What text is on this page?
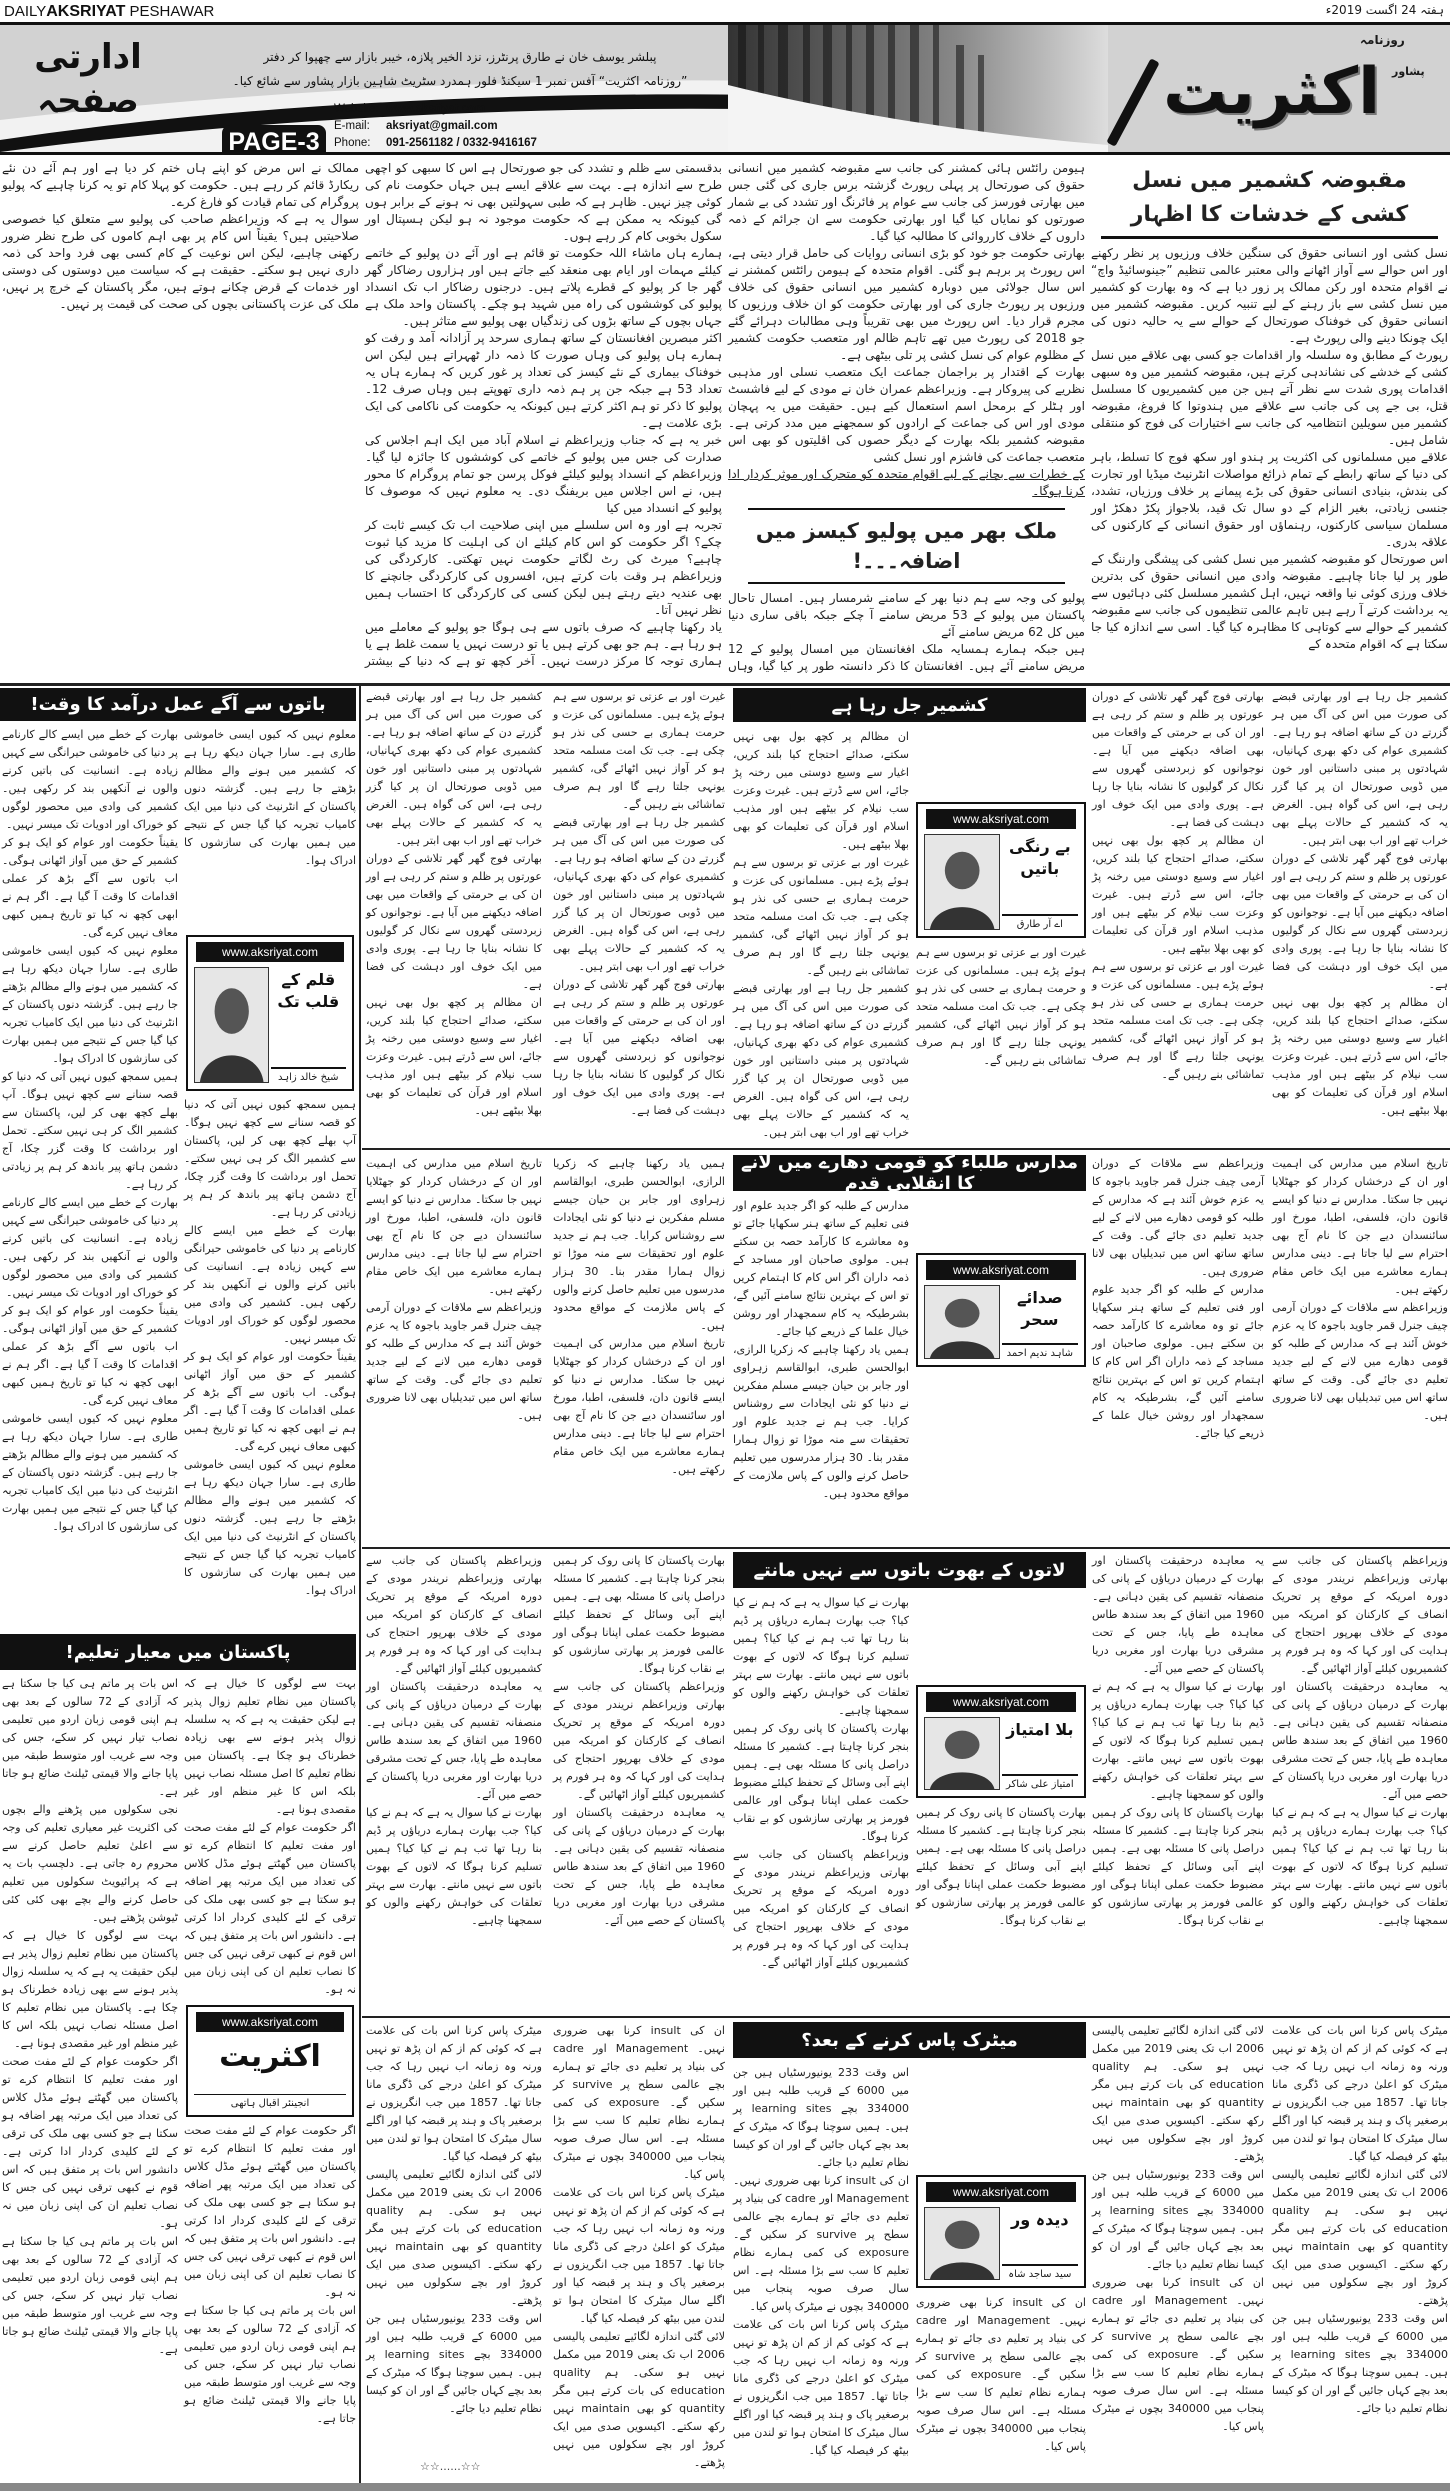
DAILYAKSRIYAT PESHAWAR	ہفتہ 24 اگست 2019ء
ادارتی صفحہ
پبلشر یوسف خان نے طارق پرنٹرز، نزد الخیر پلازہ، خیبر بازار سے چھپوا کر دفتر
”روزنامہ اکثریت“ آفس نمبر 1 سیکنڈ فلور ہمدرد سٹریٹ شاہین بازار پشاور سے شائع کیا۔
PAGE-3
Website: www.akstiyat.com
E-mail: aksriyat@gmail.com
Phone: 091-2561182 / 0332-9416167
روزنامہ
پشاور
اکثریت
مقبوضہ کشمیر میں نسل کشی کے خدشات کا اظہار

نسل کشی اور انسانی حقوق کی سنگین خلاف ورزیوں پر نظر رکھنے اور اس حوالے سے آواز اٹھانے والی معتبر عالمی تنظیم ”جینوسائیڈ واچ“ نے اقوام متحدہ اور رکن ممالک پر زور دیا ہے کہ وہ بھارت کو کشمیر میں نسل کشی سے باز رہنے کے لیے تنبیہ کریں۔ مقبوضہ کشمیر میں انسانی حقوق کی خوفناک صورتحال کے حوالے سے یہ حالیہ دنوں کی ایک چونکا دینے والی رپورٹ ہے۔

رپورٹ کے مطابق وہ سلسلہ وار اقدامات جو کسی بھی علاقے میں نسل کشی کے خدشے کی نشاندہی کرتے ہیں، مقبوضہ کشمیر میں وہ سبھی اقدامات پوری شدت سے نظر آتے ہیں جن میں کشمیریوں کا مسلسل قتل، بی جے پی کی جانب سے علاقے میں ہندوتوا کا فروغ، مقبوضہ کشمیر میں سویلین انتظامیہ کی جانب سے اختیارات کی فوج کو منتقلی شامل ہیں۔

علاقے میں مسلمانوں کی اکثریت پر ہندو اور سکھ فوج کا تسلط، باہر کی دنیا کے ساتھ رابطے کے تمام ذرائع مواصلات انٹرنیٹ میڈیا اور تجارت کی بندش، بنیادی انسانی حقوق کی بڑے پیمانے پر خلاف ورزیاں، تشدد، جنسی زیادتی، بغیر الزام کے دو سال تک قید، بلاجواز پکڑ دھکڑ اور مسلمان سیاسی کارکنوں، رہنماؤں اور حقوق انسانی کے کارکنوں کی علاقہ بدری۔

اس صورتحال کو مقبوضہ کشمیر میں نسل کشی کی پیشگی وارننگ کے طور پر لیا جانا چاہیے۔ مقبوضہ وادی میں انسانی حقوق کی بدترین خلاف ورزی کوئی نیا واقعہ نہیں، اہل کشمیر مسلسل کئی دہائیوں سے یہ برداشت کرتے آ رہے ہیں تاہم عالمی تنظیموں کی جانب سے مقبوضہ کشمیر کے حوالے سے کوتاہی کا مظاہرہ کیا گیا۔ اسی سے اندازہ کیا جا سکتا ہے کہ اقوام متحدہ کے

ہیومن رائٹس ہائی کمشنر کی جانب سے مقبوضہ کشمیر میں انسانی حقوق کی صورتحال پر پہلی رپورٹ گزشتہ برس جاری کی گئی جس میں بھارتی فورسز کی جانب سے عوام پر فائرنگ اور تشدد کی بے شمار صورتوں کو نمایاں کیا گیا اور بھارتی حکومت سے ان جرائم کے ذمہ داروں کے خلاف کارروائی کا مطالبہ کیا گیا۔

بھارتی حکومت جو خود کو بڑی انسانی روایات کی حامل قرار دیتی ہے، اس رپورٹ پر برہم ہو گئی۔ اقوام متحدہ کے ہیومن رائٹس کمشنر نے اس سال جولائی میں دوبارہ کشمیر میں انسانی حقوق کی خلاف ورزیوں پر رپورٹ جاری کی اور بھارتی حکومت کو ان خلاف ورزیوں کا مجرم قرار دیا۔ اس رپورٹ میں بھی تقریباً وہی مطالبات دہرائے گئے جو 2018 کی رپورٹ میں تھے تاہم ظالم اور متعصب حکومت کشمیر کے مظلوم عوام کی نسل کشی پر تلی بیٹھی ہے۔

بھارت کے اقتدار پر براجمان جماعت ایک متعصب نسلی اور مذہبی نظریے کی پیروکار ہے۔ وزیراعظم عمران خان نے مودی کے لیے فاشسٹ اور ہٹلر کے برمحل اسم استعمال کیے ہیں۔ حقیقت میں یہ پہچان مودی اور اس کی جماعت کے ارادوں کو سمجھنے میں مدد کرتی ہے۔ مقبوضہ کشمیر بلکہ بھارت کے دیگر حصوں کی اقلیتوں کو بھی اس متعصب جماعت کی فاشزم اور نسل کشی

کے خطرات سے بچانے کے لیے اقوام متحدہ کو متحرک اور موثر کردار ادا کرنا ہوگا۔

ملک بھر میں پولیو کیسز میں اضافہ۔۔۔!

پولیو کی وجہ سے ہم دنیا بھر کے سامنے شرمسار ہیں۔ امسال تاحال پاکستان میں پولیو کے 53 مریض سامنے آ چکے جبکہ باقی ساری دنیا میں کل 62 مریض سامنے آئے

ہیں جبکہ ہمارے ہمسایہ ملک افغانستان میں امسال پولیو کے 12 مریض سامنے آئے ہیں۔ افغانستان کا ذکر دانستہ طور پر کیا گیا، وہاں بدقسمتی سے ظلم و تشدد کی جو صورتحال ہے اس کا سبھی کو اچھی طرح سے اندازہ ہے۔ بہت سے علاقے ایسے ہیں جہاں حکومت نام کی کوئی چیز نہیں۔ ظاہر ہے کہ طبی سہولتیں بھی نہ ہونے کے برابر ہوں گی کیونکہ یہ ممکن ہے کہ حکومت موجود نہ ہو لیکن ہسپتال اور سکول بخوبی کام کر رہے ہوں۔

ہمارے ہاں ماشاء اللہ حکومت تو قائم ہے اور آئے دن پولیو کے خاتمے کیلئے مہمات اور ایام بھی منعقد کیے جاتے ہیں اور ہزاروں رضاکار گھر گھر جا کر پولیو کے قطرے پلاتے ہیں۔ درجنوں رضاکار اب تک انسداد پولیو کی کوششوں کی راہ میں شہید ہو چکے۔ پاکستان واحد ملک ہے جہاں بچوں کے ساتھ بڑوں کی زندگیاں بھی پولیو سے متاثر ہیں۔

اکثر مبصرین افغانستان کے ساتھ ہماری سرحد پر آزادانہ آمد و رفت کو ہمارے ہاں پولیو کی وہاں صورت کا ذمہ دار ٹھہراتے ہیں لیکن اس خوفناک بیماری کے نئے کیسز کی تعداد پر غور کریں کہ ہمارے ہاں یہ تعداد 53 ہے جبکہ جن پر ہم ذمہ داری تھوپتے ہیں وہاں صرف 12۔ پولیو کا ذکر تو ہم اکثر کرتے ہیں کیونکہ یہ حکومت کی ناکامی کی ایک بڑی علامت ہے۔

خبر یہ ہے کہ جناب وزیراعظم نے اسلام آباد میں ایک اہم اجلاس کی صدارت کی جس میں پولیو کے خاتمے کی کوششوں کا جائزہ لیا گیا۔ وزیراعظم کے انسداد پولیو کیلئے فوکل پرسن جو تمام پروگرام کا محور ہیں، نے اس اجلاس میں بریفنگ دی۔ یہ معلوم نہیں کہ موصوف کا پولیو کے انسداد میں کیا

تجربہ ہے اور وہ اس سلسلے میں اپنی صلاحیت اب تک کیسے ثابت کر چکے؟ اگر حکومت کو اس کام کیلئے ان کی اہلیت کا مزید کیا ثبوت چاہیے؟ میرٹ کی رٹ لگاتے حکومت نہیں تھکتی۔ کارکردگی کی وزیراعظم ہر وقت بات کرتے ہیں، افسروں کی کارکردگی جانچنے کا بھی عندیہ دیتے رہتے ہیں لیکن کسی کی کارکردگی کا احتساب ہمیں نظر نہیں آتا۔

یاد رکھنا چاہیے کہ صرف باتوں سے ہی ہوگا جو پولیو کے معاملے میں ہو رہا ہے۔ ہم جو بھی کرتے ہیں یا تو درست نہیں یا سمت غلط ہے یا ہماری توجہ کا مرکز درست نہیں۔ آخر کچھ تو ہے کہ دنیا کے بیشتر ممالک نے اس مرض کو اپنے ہاں ختم کر دیا ہے اور ہم آئے دن نئے ریکارڈ قائم کر رہے ہیں۔ حکومت کو پہلا کام تو یہ کرنا چاہیے کہ پولیو پروگرام کی تمام قیادت کو فارغ کرے۔

سوال یہ ہے کہ وزیراعظم صاحب کی پولیو سے متعلق کیا خصوصی صلاحیتیں ہیں؟ یقیناً اس کام پر بھی اہم کاموں کی طرح نظر ضرور رکھنی چاہیے، لیکن اس نوعیت کے کام کسی بھی فرد واحد کی ذمہ داری نہیں ہو سکتے۔ حقیقت ہے کہ سیاست میں دوستوں کی دوستی اور خدمات کے قرض چکانے ہوتے ہیں، مگر پاکستان کے خرچ پر نہیں، ملک کی عزت پاکستانی بچوں کی صحت کی قیمت پر نہیں۔

کشمیر جل رہا ہے	کشمیر جل رہا ہے اور بھارتی قبضے کی صورت میں اس کی آگ میں ہر گزرتے دن کے ساتھ اضافہ ہو رہا ہے۔ کشمیری عوام کی دکھ بھری کہانیاں، شہادتوں پر مبنی داستانیں اور خون میں ڈوبی صورتحال ان پر کیا گزر رہی ہے، اس کی گواہ ہیں۔ الغرض یہ کہ کشمیر کے حالات پہلے بھی خراب تھے اور اب بھی ابتر ہیں۔

بھارتی فوج گھر گھر تلاشی کے دوران عورتوں پر ظلم و ستم کر رہی ہے اور ان کی بے حرمتی کے واقعات میں بھی اضافہ دیکھنے میں آیا ہے۔ نوجوانوں کو زبردستی گھروں سے نکال کر گولیوں کا نشانہ بنایا جا رہا ہے۔ پوری وادی میں ایک خوف اور دہشت کی فضا ہے۔

ان مظالم پر کچھ بول بھی نہیں سکتے، صدائے احتجاج کیا بلند کریں، اغیار سے وسیع دوستی میں رخنہ پڑ جائے، اس سے ڈرتے ہیں۔ غیرت وعزت سب نیلام کر بیٹھے ہیں اور مذہب اسلام اور قرآن کی تعلیمات کو بھی بھلا بیٹھے ہیں۔

بھارتی فوج گھر گھر تلاشی کے دوران عورتوں پر ظلم و ستم کر رہی ہے اور ان کی بے حرمتی کے واقعات میں بھی اضافہ دیکھنے میں آیا ہے۔ نوجوانوں کو زبردستی گھروں سے نکال کر گولیوں کا نشانہ بنایا جا رہا ہے۔ پوری وادی میں ایک خوف اور دہشت کی فضا ہے۔

ان مظالم پر کچھ بول بھی نہیں سکتے، صدائے احتجاج کیا بلند کریں، اغیار سے وسیع دوستی میں رخنہ پڑ جائے، اس سے ڈرتے ہیں۔ غیرت وعزت سب نیلام کر بیٹھے ہیں اور مذہب اسلام اور قرآن کی تعلیمات کو بھی بھلا بیٹھے ہیں۔

غیرت اور بے عزتی تو برسوں سے ہم ہوئے پڑے ہیں۔ مسلمانوں کی عزت و حرمت ہماری بے حسی کی نذر ہو چکی ہے۔ جب تک امت مسلمہ متحد ہو کر آواز نہیں اٹھائے گی، کشمیر یونہی جلتا رہے گا اور ہم صرف تماشائی بنے رہیں گے۔

www.aksriyat.com
بے رنگی باتیں
اے آر طارق

غیرت اور بے عزتی تو برسوں سے ہم ہوئے پڑے ہیں۔ مسلمانوں کی عزت و حرمت ہماری بے حسی کی نذر ہو چکی ہے۔ جب تک امت مسلمہ متحد ہو کر آواز نہیں اٹھائے گی، کشمیر یونہی جلتا رہے گا اور ہم صرف تماشائی بنے رہیں گے۔

ان مظالم پر کچھ بول بھی نہیں سکتے، صدائے احتجاج کیا بلند کریں، اغیار سے وسیع دوستی میں رخنہ پڑ جائے، اس سے ڈرتے ہیں۔ غیرت وعزت سب نیلام کر بیٹھے ہیں اور مذہب اسلام اور قرآن کی تعلیمات کو بھی بھلا بیٹھے ہیں۔

غیرت اور بے عزتی تو برسوں سے ہم ہوئے پڑے ہیں۔ مسلمانوں کی عزت و حرمت ہماری بے حسی کی نذر ہو چکی ہے۔ جب تک امت مسلمہ متحد ہو کر آواز نہیں اٹھائے گی، کشمیر یونہی جلتا رہے گا اور ہم صرف تماشائی بنے رہیں گے۔

کشمیر جل رہا ہے اور بھارتی قبضے کی صورت میں اس کی آگ میں ہر گزرتے دن کے ساتھ اضافہ ہو رہا ہے۔ کشمیری عوام کی دکھ بھری کہانیاں، شہادتوں پر مبنی داستانیں اور خون میں ڈوبی صورتحال ان پر کیا گزر رہی ہے، اس کی گواہ ہیں۔ الغرض یہ کہ کشمیر کے حالات پہلے بھی خراب تھے اور اب بھی ابتر ہیں۔

غیرت اور بے عزتی تو برسوں سے ہم ہوئے پڑے ہیں۔ مسلمانوں کی عزت و حرمت ہماری بے حسی کی نذر ہو چکی ہے۔ جب تک امت مسلمہ متحد ہو کر آواز نہیں اٹھائے گی، کشمیر یونہی جلتا رہے گا اور ہم صرف تماشائی بنے رہیں گے۔

کشمیر جل رہا ہے اور بھارتی قبضے کی صورت میں اس کی آگ میں ہر گزرتے دن کے ساتھ اضافہ ہو رہا ہے۔ کشمیری عوام کی دکھ بھری کہانیاں، شہادتوں پر مبنی داستانیں اور خون میں ڈوبی صورتحال ان پر کیا گزر رہی ہے، اس کی گواہ ہیں۔ الغرض یہ کہ کشمیر کے حالات پہلے بھی خراب تھے اور اب بھی ابتر ہیں۔

بھارتی فوج گھر گھر تلاشی کے دوران عورتوں پر ظلم و ستم کر رہی ہے اور ان کی بے حرمتی کے واقعات میں بھی اضافہ دیکھنے میں آیا ہے۔ نوجوانوں کو زبردستی گھروں سے نکال کر گولیوں کا نشانہ بنایا جا رہا ہے۔ پوری وادی میں ایک خوف اور دہشت کی فضا ہے۔

کشمیر جل رہا ہے اور بھارتی قبضے کی صورت میں اس کی آگ میں ہر گزرتے دن کے ساتھ اضافہ ہو رہا ہے۔ کشمیری عوام کی دکھ بھری کہانیاں، شہادتوں پر مبنی داستانیں اور خون میں ڈوبی صورتحال ان پر کیا گزر رہی ہے، اس کی گواہ ہیں۔ الغرض یہ کہ کشمیر کے حالات پہلے بھی خراب تھے اور اب بھی ابتر ہیں۔

بھارتی فوج گھر گھر تلاشی کے دوران عورتوں پر ظلم و ستم کر رہی ہے اور ان کی بے حرمتی کے واقعات میں بھی اضافہ دیکھنے میں آیا ہے۔ نوجوانوں کو زبردستی گھروں سے نکال کر گولیوں کا نشانہ بنایا جا رہا ہے۔ پوری وادی میں ایک خوف اور دہشت کی فضا ہے۔

ان مظالم پر کچھ بول بھی نہیں سکتے، صدائے احتجاج کیا بلند کریں، اغیار سے وسیع دوستی میں رخنہ پڑ جائے، اس سے ڈرتے ہیں۔ غیرت وعزت سب نیلام کر بیٹھے ہیں اور مذہب اسلام اور قرآن کی تعلیمات کو بھی بھلا بیٹھے ہیں۔

مدارس طلباء کو قومی دھارے میں لانے کا انقلابی قدم

تاریخ اسلام میں مدارس کی اہمیت اور ان کے درخشاں کردار کو جھٹلایا نہیں جا سکتا۔ مدارس نے دنیا کو ایسے قانون دان، فلسفی، اطبا، مورخ اور سائنسدان دیے جن کا نام آج بھی احترام سے لیا جاتا ہے۔ دینی مدارس ہمارے معاشرے میں ایک خاص مقام رکھتے ہیں۔

وزیراعظم سے ملاقات کے دوران آرمی چیف جنرل قمر جاوید باجوہ کا یہ عزم خوش آئند ہے کہ مدارس کے طلبہ کو قومی دھارے میں لانے کے لیے جدید تعلیم دی جائے گی۔ وقت کے ساتھ ساتھ اس میں تبدیلیاں بھی لانا ضروری ہیں۔

وزیراعظم سے ملاقات کے دوران آرمی چیف جنرل قمر جاوید باجوہ کا یہ عزم خوش آئند ہے کہ مدارس کے طلبہ کو قومی دھارے میں لانے کے لیے جدید تعلیم دی جائے گی۔ وقت کے ساتھ ساتھ اس میں تبدیلیاں بھی لانا ضروری ہیں۔

مدارس کے طلبہ کو اگر جدید علوم اور فنی تعلیم کے ساتھ ہنر سکھایا جائے تو وہ معاشرے کا کارآمد حصہ بن سکتے ہیں۔ مولوی صاحبان اور مساجد کے ذمہ داران اگر اس کام کا اہتمام کریں تو اس کے بہترین نتائج سامنے آئیں گے، بشرطیکہ یہ کام سمجھدار اور روشن خیال علما کے ذریعے کیا جائے۔

www.aksriyat.com
صدائے سحر
شاہد ندیم احمد

مدارس کے طلبہ کو اگر جدید علوم اور فنی تعلیم کے ساتھ ہنر سکھایا جائے تو وہ معاشرے کا کارآمد حصہ بن سکتے ہیں۔ مولوی صاحبان اور مساجد کے ذمہ داران اگر اس کام کا اہتمام کریں تو اس کے بہترین نتائج سامنے آئیں گے، بشرطیکہ یہ کام سمجھدار اور روشن خیال علما کے ذریعے کیا جائے۔

ہمیں یاد رکھنا چاہیے کہ زکریا الرازی، ابوالحسن طبری، ابوالقاسم زہراوی اور جابر بن حیان جیسے مسلم مفکرین نے دنیا کو نئی ایجادات سے روشناس کرایا۔ جب ہم نے جدید علوم اور تحقیقات سے منہ موڑا تو زوال ہمارا مقدر بنا۔ 30 ہزار مدرسوں میں تعلیم حاصل کرنے والوں کے پاس ملازمت کے مواقع محدود ہیں۔

ہمیں یاد رکھنا چاہیے کہ زکریا الرازی، ابوالحسن طبری، ابوالقاسم زہراوی اور جابر بن حیان جیسے مسلم مفکرین نے دنیا کو نئی ایجادات سے روشناس کرایا۔ جب ہم نے جدید علوم اور تحقیقات سے منہ موڑا تو زوال ہمارا مقدر بنا۔ 30 ہزار مدرسوں میں تعلیم حاصل کرنے والوں کے پاس ملازمت کے مواقع محدود ہیں۔

تاریخ اسلام میں مدارس کی اہمیت اور ان کے درخشاں کردار کو جھٹلایا نہیں جا سکتا۔ مدارس نے دنیا کو ایسے قانون دان، فلسفی، اطبا، مورخ اور سائنسدان دیے جن کا نام آج بھی احترام سے لیا جاتا ہے۔ دینی مدارس ہمارے معاشرے میں ایک خاص مقام رکھتے ہیں۔

تاریخ اسلام میں مدارس کی اہمیت اور ان کے درخشاں کردار کو جھٹلایا نہیں جا سکتا۔ مدارس نے دنیا کو ایسے قانون دان، فلسفی، اطبا، مورخ اور سائنسدان دیے جن کا نام آج بھی احترام سے لیا جاتا ہے۔ دینی مدارس ہمارے معاشرے میں ایک خاص مقام رکھتے ہیں۔

وزیراعظم سے ملاقات کے دوران آرمی چیف جنرل قمر جاوید باجوہ کا یہ عزم خوش آئند ہے کہ مدارس کے طلبہ کو قومی دھارے میں لانے کے لیے جدید تعلیم دی جائے گی۔ وقت کے ساتھ ساتھ اس میں تبدیلیاں بھی لانا ضروری ہیں۔

لاتوں کے بھوت باتوں سے نہیں مانتے	وزیراعظم پاکستان کی جانب سے بھارتی وزیراعظم نریندر مودی کے دورہ امریکہ کے موقع پر تحریک انصاف کے کارکنان کو امریکہ میں مودی کے خلاف بھرپور احتجاج کی ہدایت کی اور کہا کہ وہ ہر فورم پر کشمیریوں کیلئے آواز اٹھائیں گے۔

یہ معاہدہ درحقیقت پاکستان اور بھارت کے درمیان دریاؤں کے پانی کی منصفانہ تقسیم کی یقین دہانی ہے۔ 1960 میں اتفاق کے بعد سندھ طاس معاہدہ طے پایا، جس کے تحت مشرقی دریا بھارت اور مغربی دریا پاکستان کے حصے میں آئے۔

بھارت نے کیا سوال یہ ہے کہ ہم نے کیا کیا؟ جب بھارت ہمارے دریاؤں پر ڈیم بنا رہا تھا تب ہم نے کیا کیا؟ ہمیں تسلیم کرنا ہوگا کہ لاتوں کے بھوت باتوں سے نہیں مانتے۔ بھارت سے بہتر تعلقات کی خواہش رکھنے والوں کو سمجھنا چاہیے۔

یہ معاہدہ درحقیقت پاکستان اور بھارت کے درمیان دریاؤں کے پانی کی منصفانہ تقسیم کی یقین دہانی ہے۔ 1960 میں اتفاق کے بعد سندھ طاس معاہدہ طے پایا، جس کے تحت مشرقی دریا بھارت اور مغربی دریا پاکستان کے حصے میں آئے۔

بھارت نے کیا سوال یہ ہے کہ ہم نے کیا کیا؟ جب بھارت ہمارے دریاؤں پر ڈیم بنا رہا تھا تب ہم نے کیا کیا؟ ہمیں تسلیم کرنا ہوگا کہ لاتوں کے بھوت باتوں سے نہیں مانتے۔ بھارت سے بہتر تعلقات کی خواہش رکھنے والوں کو سمجھنا چاہیے۔

بھارت پاکستان کا پانی روک کر ہمیں بنجر کرنا چاہتا ہے۔ کشمیر کا مسئلہ دراصل پانی کا مسئلہ بھی ہے۔ ہمیں اپنے آبی وسائل کے تحفظ کیلئے مضبوط حکمت عملی اپنانا ہوگی اور عالمی فورمز پر بھارتی سازشوں کو بے نقاب کرنا ہوگا۔

www.aksriyat.com
بلا امتیاز
امتیاز علی شاکر

بھارت پاکستان کا پانی روک کر ہمیں بنجر کرنا چاہتا ہے۔ کشمیر کا مسئلہ دراصل پانی کا مسئلہ بھی ہے۔ ہمیں اپنے آبی وسائل کے تحفظ کیلئے مضبوط حکمت عملی اپنانا ہوگی اور عالمی فورمز پر بھارتی سازشوں کو بے نقاب کرنا ہوگا۔

بھارت نے کیا سوال یہ ہے کہ ہم نے کیا کیا؟ جب بھارت ہمارے دریاؤں پر ڈیم بنا رہا تھا تب ہم نے کیا کیا؟ ہمیں تسلیم کرنا ہوگا کہ لاتوں کے بھوت باتوں سے نہیں مانتے۔ بھارت سے بہتر تعلقات کی خواہش رکھنے والوں کو سمجھنا چاہیے۔

بھارت پاکستان کا پانی روک کر ہمیں بنجر کرنا چاہتا ہے۔ کشمیر کا مسئلہ دراصل پانی کا مسئلہ بھی ہے۔ ہمیں اپنے آبی وسائل کے تحفظ کیلئے مضبوط حکمت عملی اپنانا ہوگی اور عالمی فورمز پر بھارتی سازشوں کو بے نقاب کرنا ہوگا۔

وزیراعظم پاکستان کی جانب سے بھارتی وزیراعظم نریندر مودی کے دورہ امریکہ کے موقع پر تحریک انصاف کے کارکنان کو امریکہ میں مودی کے خلاف بھرپور احتجاج کی ہدایت کی اور کہا کہ وہ ہر فورم پر کشمیریوں کیلئے آواز اٹھائیں گے۔

بھارت پاکستان کا پانی روک کر ہمیں بنجر کرنا چاہتا ہے۔ کشمیر کا مسئلہ دراصل پانی کا مسئلہ بھی ہے۔ ہمیں اپنے آبی وسائل کے تحفظ کیلئے مضبوط حکمت عملی اپنانا ہوگی اور عالمی فورمز پر بھارتی سازشوں کو بے نقاب کرنا ہوگا۔

وزیراعظم پاکستان کی جانب سے بھارتی وزیراعظم نریندر مودی کے دورہ امریکہ کے موقع پر تحریک انصاف کے کارکنان کو امریکہ میں مودی کے خلاف بھرپور احتجاج کی ہدایت کی اور کہا کہ وہ ہر فورم پر کشمیریوں کیلئے آواز اٹھائیں گے۔

یہ معاہدہ درحقیقت پاکستان اور بھارت کے درمیان دریاؤں کے پانی کی منصفانہ تقسیم کی یقین دہانی ہے۔ 1960 میں اتفاق کے بعد سندھ طاس معاہدہ طے پایا، جس کے تحت مشرقی دریا بھارت اور مغربی دریا پاکستان کے حصے میں آئے۔

وزیراعظم پاکستان کی جانب سے بھارتی وزیراعظم نریندر مودی کے دورہ امریکہ کے موقع پر تحریک انصاف کے کارکنان کو امریکہ میں مودی کے خلاف بھرپور احتجاج کی ہدایت کی اور کہا کہ وہ ہر فورم پر کشمیریوں کیلئے آواز اٹھائیں گے۔

یہ معاہدہ درحقیقت پاکستان اور بھارت کے درمیان دریاؤں کے پانی کی منصفانہ تقسیم کی یقین دہانی ہے۔ 1960 میں اتفاق کے بعد سندھ طاس معاہدہ طے پایا، جس کے تحت مشرقی دریا بھارت اور مغربی دریا پاکستان کے حصے میں آئے۔

بھارت نے کیا سوال یہ ہے کہ ہم نے کیا کیا؟ جب بھارت ہمارے دریاؤں پر ڈیم بنا رہا تھا تب ہم نے کیا کیا؟ ہمیں تسلیم کرنا ہوگا کہ لاتوں کے بھوت باتوں سے نہیں مانتے۔ بھارت سے بہتر تعلقات کی خواہش رکھنے والوں کو سمجھنا چاہیے۔

میٹرک پاس کرنے کے بعد؟	میٹرک پاس کرنا اس بات کی علامت ہے کہ کوئی کم از کم ان پڑھ تو نہیں ورنہ وہ زمانہ اب نہیں رہا کہ جب میٹرک کو اعلیٰ درجے کی ڈگری مانا جاتا تھا۔ 1857 میں جب انگریزوں نے برصغیر پاک و ہند پر قبضہ کیا اور اگلے سال میٹرک کا امتحان ہوا تو لندن میں بیٹھ کر فیصلہ کیا گیا۔

لائی گئی اندازہ لگائیے تعلیمی پالیسی 2006 اب تک یعنی 2019 میں مکمل نہیں ہو سکی۔ ہم quality education کی بات کرتے ہیں مگر quantity کو بھی maintain نہیں رکھ سکتے۔ اکیسویں صدی میں ایک کروڑ اور بچے سکولوں میں نہیں پڑھتے۔

اس وقت 233 یونیورسٹیاں ہیں جن میں 6000 کے قریب طلبہ ہیں اور 334000 بچے learning sites پر ہیں۔ ہمیں سوچنا ہوگا کہ میٹرک کے بعد بچے کہاں جائیں گے اور ان کو کیسا نظام تعلیم دیا جائے۔

لائی گئی اندازہ لگائیے تعلیمی پالیسی 2006 اب تک یعنی 2019 میں مکمل نہیں ہو سکی۔ ہم quality education کی بات کرتے ہیں مگر quantity کو بھی maintain نہیں رکھ سکتے۔ اکیسویں صدی میں ایک کروڑ اور بچے سکولوں میں نہیں پڑھتے۔

اس وقت 233 یونیورسٹیاں ہیں جن میں 6000 کے قریب طلبہ ہیں اور 334000 بچے learning sites پر ہیں۔ ہمیں سوچنا ہوگا کہ میٹرک کے بعد بچے کہاں جائیں گے اور ان کو کیسا نظام تعلیم دیا جائے۔

ان کی insult کرنا بھی ضروری نہیں۔ Management اور cadre کی بنیاد پر تعلیم دی جائے تو ہمارے بچے عالمی سطح پر survive کر سکیں گے۔ exposure کی کمی ہمارے نظام تعلیم کا سب سے بڑا مسئلہ ہے۔ اس سال صرف صوبہ پنجاب میں 340000 بچوں نے میٹرک پاس کیا۔

www.aksriyat.com
دیدہ ور
سید ساجد شاہ

ان کی insult کرنا بھی ضروری نہیں۔ Management اور cadre کی بنیاد پر تعلیم دی جائے تو ہمارے بچے عالمی سطح پر survive کر سکیں گے۔ exposure کی کمی ہمارے نظام تعلیم کا سب سے بڑا مسئلہ ہے۔ اس سال صرف صوبہ پنجاب میں 340000 بچوں نے میٹرک پاس کیا۔

اس وقت 233 یونیورسٹیاں ہیں جن میں 6000 کے قریب طلبہ ہیں اور 334000 بچے learning sites پر ہیں۔ ہمیں سوچنا ہوگا کہ میٹرک کے بعد بچے کہاں جائیں گے اور ان کو کیسا نظام تعلیم دیا جائے۔

ان کی insult کرنا بھی ضروری نہیں۔ Management اور cadre کی بنیاد پر تعلیم دی جائے تو ہمارے بچے عالمی سطح پر survive کر سکیں گے۔ exposure کی کمی ہمارے نظام تعلیم کا سب سے بڑا مسئلہ ہے۔ اس سال صرف صوبہ پنجاب میں 340000 بچوں نے میٹرک پاس کیا۔

میٹرک پاس کرنا اس بات کی علامت ہے کہ کوئی کم از کم ان پڑھ تو نہیں ورنہ وہ زمانہ اب نہیں رہا کہ جب میٹرک کو اعلیٰ درجے کی ڈگری مانا جاتا تھا۔ 1857 میں جب انگریزوں نے برصغیر پاک و ہند پر قبضہ کیا اور اگلے سال میٹرک کا امتحان ہوا تو لندن میں بیٹھ کر فیصلہ کیا گیا۔

ان کی insult کرنا بھی ضروری نہیں۔ Management اور cadre کی بنیاد پر تعلیم دی جائے تو ہمارے بچے عالمی سطح پر survive کر سکیں گے۔ exposure کی کمی ہمارے نظام تعلیم کا سب سے بڑا مسئلہ ہے۔ اس سال صرف صوبہ پنجاب میں 340000 بچوں نے میٹرک پاس کیا۔

میٹرک پاس کرنا اس بات کی علامت ہے کہ کوئی کم از کم ان پڑھ تو نہیں ورنہ وہ زمانہ اب نہیں رہا کہ جب میٹرک کو اعلیٰ درجے کی ڈگری مانا جاتا تھا۔ 1857 میں جب انگریزوں نے برصغیر پاک و ہند پر قبضہ کیا اور اگلے سال میٹرک کا امتحان ہوا تو لندن میں بیٹھ کر فیصلہ کیا گیا۔

لائی گئی اندازہ لگائیے تعلیمی پالیسی 2006 اب تک یعنی 2019 میں مکمل نہیں ہو سکی۔ ہم quality education کی بات کرتے ہیں مگر quantity کو بھی maintain نہیں رکھ سکتے۔ اکیسویں صدی میں ایک کروڑ اور بچے سکولوں میں نہیں پڑھتے۔

میٹرک پاس کرنا اس بات کی علامت ہے کہ کوئی کم از کم ان پڑھ تو نہیں ورنہ وہ زمانہ اب نہیں رہا کہ جب میٹرک کو اعلیٰ درجے کی ڈگری مانا جاتا تھا۔ 1857 میں جب انگریزوں نے برصغیر پاک و ہند پر قبضہ کیا اور اگلے سال میٹرک کا امتحان ہوا تو لندن میں بیٹھ کر فیصلہ کیا گیا۔

لائی گئی اندازہ لگائیے تعلیمی پالیسی 2006 اب تک یعنی 2019 میں مکمل نہیں ہو سکی۔ ہم quality education کی بات کرتے ہیں مگر quantity کو بھی maintain نہیں رکھ سکتے۔ اکیسویں صدی میں ایک کروڑ اور بچے سکولوں میں نہیں پڑھتے۔

اس وقت 233 یونیورسٹیاں ہیں جن میں 6000 کے قریب طلبہ ہیں اور 334000 بچے learning sites پر ہیں۔ ہمیں سوچنا ہوگا کہ میٹرک کے بعد بچے کہاں جائیں گے اور ان کو کیسا نظام تعلیم دیا جائے۔

☆☆......☆☆
باتوں سے آگے عمل درآمد کا وقت!

معلوم نہیں کہ کیوں ایسی خاموشی طاری ہے۔ سارا جہان دیکھ رہا ہے کہ کشمیر میں ہونے والے مظالم بڑھتے جا رہے ہیں۔ گزشتہ دنوں پاکستان کے انٹرنیٹ کی دنیا میں ایک کامیاب تجربہ کیا گیا جس کے نتیجے میں ہمیں بھارت کی سازشوں کا ادراک ہوا۔

www.aksriyat.com
قلم کے قلب تک
شیخ خالد زاہد

ہمیں سمجھ کیوں نہیں آتی کہ دنیا کو قصہ سنانے سے کچھ نہیں ہوگا۔ آپ بھلے کچھ بھی کر لیں، پاکستان سے کشمیر الگ کر ہی نہیں سکتے۔ تحمل اور برداشت کا وقت گزر چکا، آج دشمن ہاتھ پیر باندھ کر ہم پر زیادتی کر رہا ہے۔

بھارت کے خطے میں ایسے کالے کارنامے پر دنیا کی خاموشی حیرانگی سے کہیں زیادہ ہے۔ انسانیت کی باتیں کرنے والوں نے آنکھیں بند کر رکھی ہیں۔ کشمیر کی وادی میں محصور لوگوں کو خوراک اور ادویات تک میسر نہیں۔

یقیناً حکومت اور عوام کو ایک ہو کر کشمیر کے حق میں آواز اٹھانی ہوگی۔ اب باتوں سے آگے بڑھ کر عملی اقدامات کا وقت آ گیا ہے۔ اگر ہم نے ابھی کچھ نہ کیا تو تاریخ ہمیں کبھی معاف نہیں کرے گی۔

معلوم نہیں کہ کیوں ایسی خاموشی طاری ہے۔ سارا جہان دیکھ رہا ہے کہ کشمیر میں ہونے والے مظالم بڑھتے جا رہے ہیں۔ گزشتہ دنوں پاکستان کے انٹرنیٹ کی دنیا میں ایک کامیاب تجربہ کیا گیا جس کے نتیجے میں ہمیں بھارت کی سازشوں کا ادراک ہوا۔

بھارت کے خطے میں ایسے کالے کارنامے پر دنیا کی خاموشی حیرانگی سے کہیں زیادہ ہے۔ انسانیت کی باتیں کرنے والوں نے آنکھیں بند کر رکھی ہیں۔ کشمیر کی وادی میں محصور لوگوں کو خوراک اور ادویات تک میسر نہیں۔

یقیناً حکومت اور عوام کو ایک ہو کر کشمیر کے حق میں آواز اٹھانی ہوگی۔ اب باتوں سے آگے بڑھ کر عملی اقدامات کا وقت آ گیا ہے۔ اگر ہم نے ابھی کچھ نہ کیا تو تاریخ ہمیں کبھی معاف نہیں کرے گی۔

معلوم نہیں کہ کیوں ایسی خاموشی طاری ہے۔ سارا جہان دیکھ رہا ہے کہ کشمیر میں ہونے والے مظالم بڑھتے جا رہے ہیں۔ گزشتہ دنوں پاکستان کے انٹرنیٹ کی دنیا میں ایک کامیاب تجربہ کیا گیا جس کے نتیجے میں ہمیں بھارت کی سازشوں کا ادراک ہوا۔

ہمیں سمجھ کیوں نہیں آتی کہ دنیا کو قصہ سنانے سے کچھ نہیں ہوگا۔ آپ بھلے کچھ بھی کر لیں، پاکستان سے کشمیر الگ کر ہی نہیں سکتے۔ تحمل اور برداشت کا وقت گزر چکا، آج دشمن ہاتھ پیر باندھ کر ہم پر زیادتی کر رہا ہے۔

بھارت کے خطے میں ایسے کالے کارنامے پر دنیا کی خاموشی حیرانگی سے کہیں زیادہ ہے۔ انسانیت کی باتیں کرنے والوں نے آنکھیں بند کر رکھی ہیں۔ کشمیر کی وادی میں محصور لوگوں کو خوراک اور ادویات تک میسر نہیں۔

یقیناً حکومت اور عوام کو ایک ہو کر کشمیر کے حق میں آواز اٹھانی ہوگی۔ اب باتوں سے آگے بڑھ کر عملی اقدامات کا وقت آ گیا ہے۔ اگر ہم نے ابھی کچھ نہ کیا تو تاریخ ہمیں کبھی معاف نہیں کرے گی۔

معلوم نہیں کہ کیوں ایسی خاموشی طاری ہے۔ سارا جہان دیکھ رہا ہے کہ کشمیر میں ہونے والے مظالم بڑھتے جا رہے ہیں۔ گزشتہ دنوں پاکستان کے انٹرنیٹ کی دنیا میں ایک کامیاب تجربہ کیا گیا جس کے نتیجے میں ہمیں بھارت کی سازشوں کا ادراک ہوا۔

پاکستان میں معیار تعلیم!

بہت سے لوگوں کا خیال ہے کہ پاکستان میں نظام تعلیم زوال پذیر ہے لیکن حقیقت یہ ہے کہ یہ سلسلہ زوال پذیر ہونے سے بھی زیادہ خطرناک ہو چکا ہے۔ پاکستان میں نظام تعلیم کا اصل مسئلہ نصاب نہیں بلکہ اس کا غیر منظم اور غیر مقصدی ہونا ہے۔

اگر حکومت عوام کے لئے مفت صحت اور مفت تعلیم کا انتظام کرے تو پاکستان میں گھٹتے ہوئے مڈل کلاس کی تعداد میں ایک مرتبہ پھر اضافہ ہو سکتا ہے جو کسی بھی ملک کی ترقی کے لئے کلیدی کردار ادا کرتی ہے۔ دانشور اس بات پر متفق ہیں کہ اس قوم نے کبھی ترقی نہیں کی جس کا نصاب تعلیم ان کی اپنی زبان میں نہ ہو۔

www.aksriyat.com
اکثریت
انجینئر اقبال ہاتھی

اگر حکومت عوام کے لئے مفت صحت اور مفت تعلیم کا انتظام کرے تو پاکستان میں گھٹتے ہوئے مڈل کلاس کی تعداد میں ایک مرتبہ پھر اضافہ ہو سکتا ہے جو کسی بھی ملک کی ترقی کے لئے کلیدی کردار ادا کرتی ہے۔ دانشور اس بات پر متفق ہیں کہ اس قوم نے کبھی ترقی نہیں کی جس کا نصاب تعلیم ان کی اپنی زبان میں نہ ہو۔

اس بات پر ماتم ہی کیا جا سکتا ہے کہ آزادی کے 72 سالوں کے بعد بھی ہم اپنی قومی زبان اردو میں تعلیمی نصاب تیار نہیں کر سکے، جس کی وجہ سے غریب اور متوسط طبقہ میں پایا جانے والا قیمتی ٹیلنٹ ضائع ہو جاتا ہے۔

اس بات پر ماتم ہی کیا جا سکتا ہے کہ آزادی کے 72 سالوں کے بعد بھی ہم اپنی قومی زبان اردو میں تعلیمی نصاب تیار نہیں کر سکے، جس کی وجہ سے غریب اور متوسط طبقہ میں پایا جانے والا قیمتی ٹیلنٹ ضائع ہو جاتا ہے۔

نجی سکولوں میں پڑھنے والے بچوں کی اکثریت غیر معیاری تعلیم کی وجہ سے اعلیٰ تعلیم حاصل کرنے سے محروم رہ جاتی ہے۔ دلچسپ بات یہ ہے کہ پرائیویٹ سکولوں میں تعلیم حاصل کرنے والے بچے بھی کئی کئی ٹیوشن پڑھتے ہیں۔

بہت سے لوگوں کا خیال ہے کہ پاکستان میں نظام تعلیم زوال پذیر ہے لیکن حقیقت یہ ہے کہ یہ سلسلہ زوال پذیر ہونے سے بھی زیادہ خطرناک ہو چکا ہے۔ پاکستان میں نظام تعلیم کا اصل مسئلہ نصاب نہیں بلکہ اس کا غیر منظم اور غیر مقصدی ہونا ہے۔

اگر حکومت عوام کے لئے مفت صحت اور مفت تعلیم کا انتظام کرے تو پاکستان میں گھٹتے ہوئے مڈل کلاس کی تعداد میں ایک مرتبہ پھر اضافہ ہو سکتا ہے جو کسی بھی ملک کی ترقی کے لئے کلیدی کردار ادا کرتی ہے۔ دانشور اس بات پر متفق ہیں کہ اس قوم نے کبھی ترقی نہیں کی جس کا نصاب تعلیم ان کی اپنی زبان میں نہ ہو۔

اس بات پر ماتم ہی کیا جا سکتا ہے کہ آزادی کے 72 سالوں کے بعد بھی ہم اپنی قومی زبان اردو میں تعلیمی نصاب تیار نہیں کر سکے، جس کی وجہ سے غریب اور متوسط طبقہ میں پایا جانے والا قیمتی ٹیلنٹ ضائع ہو جاتا ہے۔
